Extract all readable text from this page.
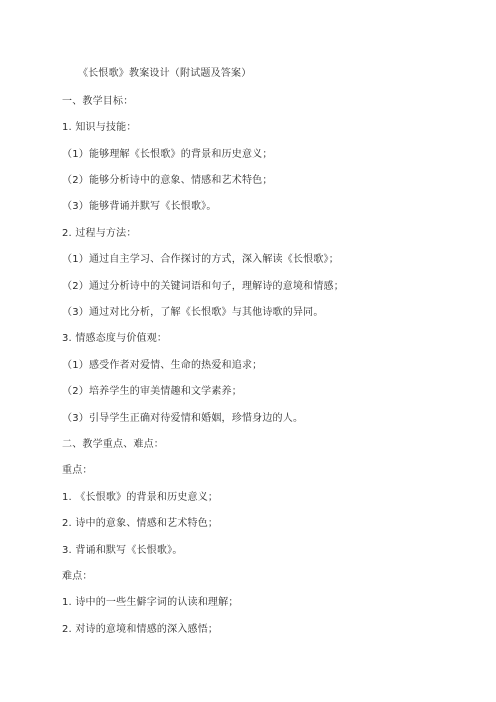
《长恨歌》教案设计（附试题及答案）
一、教学目标：
1. 知识与技能：
（1）能够理解《长恨歌》的背景和历史意义；
（2）能够分析诗中的意象、情感和艺术特色；
（3）能够背诵并默写《长恨歌》。
2. 过程与方法：
（1）通过自主学习、合作探讨的方式，深入解读《长恨歌》；
（2）通过分析诗中的关键词语和句子，理解诗的意境和情感；
（3）通过对比分析，了解《长恨歌》与其他诗歌的异同。
3. 情感态度与价值观：
（1）感受作者对爱情、生命的热爱和追求；
（2）培养学生的审美情趣和文学素养；
（3）引导学生正确对待爱情和婚姻，珍惜身边的人。
二、教学重点、难点：
重点：
1. 《长恨歌》的背景和历史意义；
2. 诗中的意象、情感和艺术特色；
3. 背诵和默写《长恨歌》。
难点：
1. 诗中的一些生僻字词的认读和理解；
2. 对诗的意境和情感的深入感悟；
